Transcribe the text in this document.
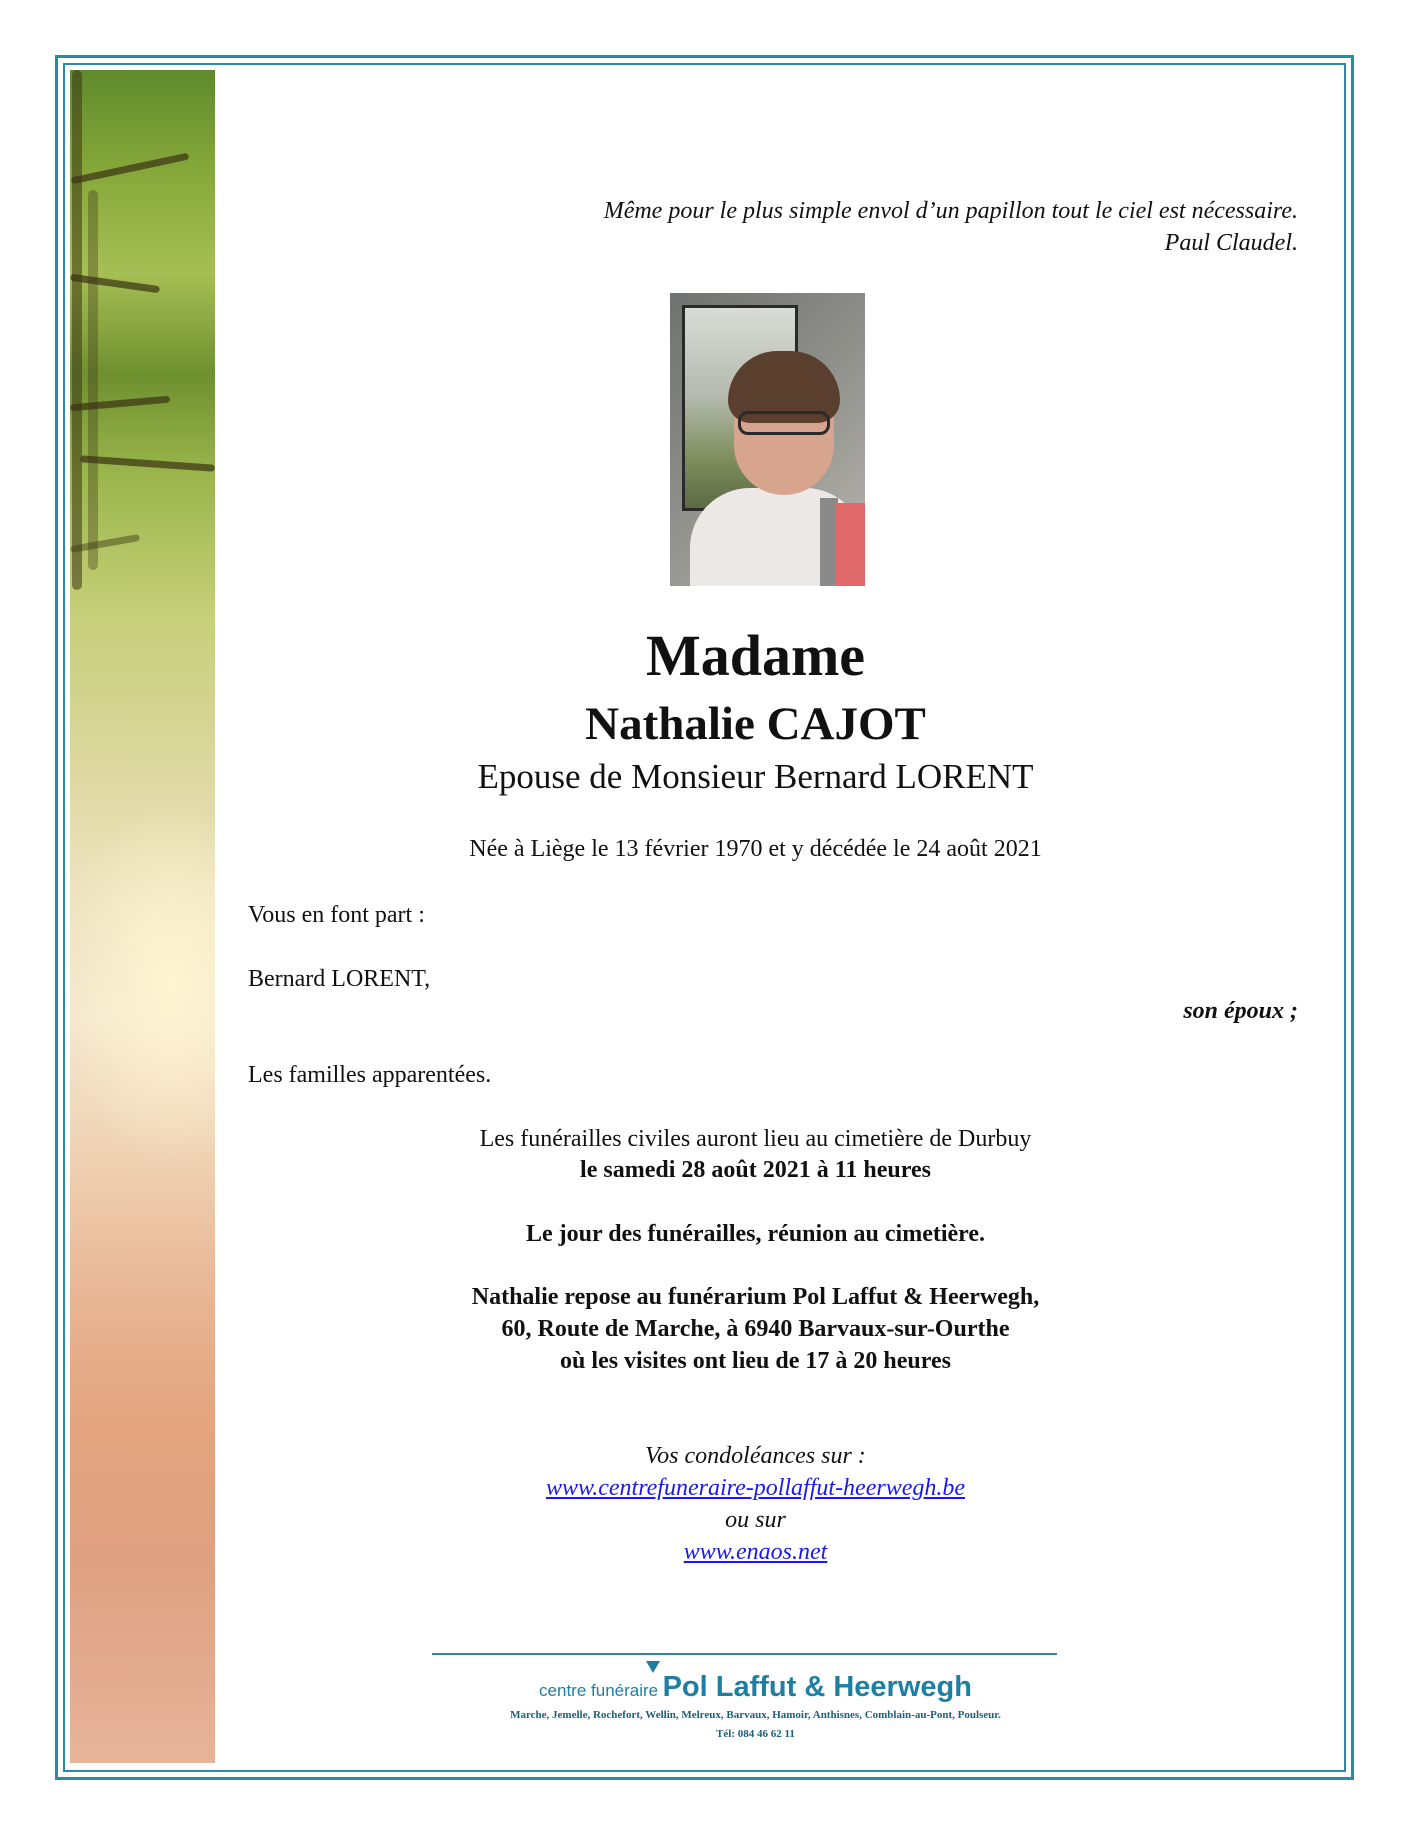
Même pour le plus simple envol d’un papillon tout le ciel est nécessaire.

Paul Claudel.

Madame

Nathalie CAJOT

Epouse de Monsieur Bernard LORENT

Née à Liège le 13 février 1970 et y décédée le 24 août 2021

Vous en font part :

Bernard LORENT,

son époux ;

Les familles apparentées.

Les funérailles civiles auront lieu au cimetière de Durbuy

le samedi 28 août 2021 à 11 heures

Le jour des funérailles, réunion au cimetière.

Nathalie repose au funérarium Pol Laffut & Heerwegh,

60, Route de Marche, à 6940 Barvaux-sur-Ourthe

où les visites ont lieu de 17 à 20 heures

Vos condoléances sur :

www.centrefuneraire-pollaffut-heerwegh.be

ou sur

www.enaos.net

centre funéraire Pol Laffut & Heerwegh
Marche, Jemelle, Rochefort, Wellin, Melreux, Barvaux, Hamoir, Anthisnes, Comblain-au-Pont, Poulseur.
Tél: 084 46 62 11
